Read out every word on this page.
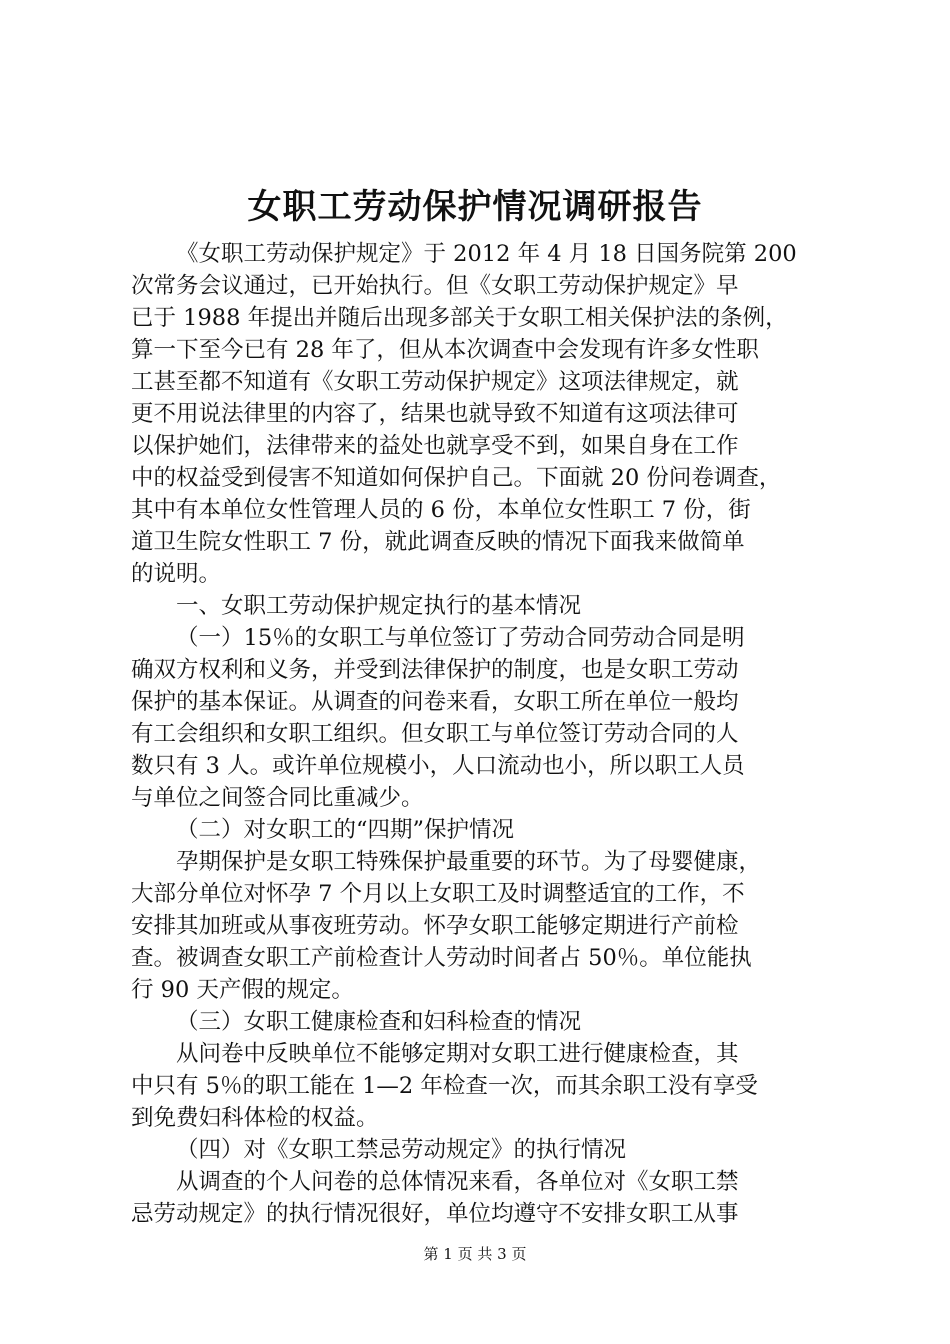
女职工劳动保护情况调研报告
《女职工劳动保护规定》于 2012 年 4 月 18 日国务院第 200
次常务会议通过，已开始执行。但《女职工劳动保护规定》早
已于 1988 年提出并随后出现多部关于女职工相关保护法的条例，
算一下至今已有 28 年了，但从本次调查中会发现有许多女性职
工甚至都不知道有《女职工劳动保护规定》这项法律规定，就
更不用说法律里的内容了，结果也就导致不知道有这项法律可
以保护她们，法律带来的益处也就享受不到，如果自身在工作
中的权益受到侵害不知道如何保护自己。下面就 20 份问卷调查，
其中有本单位女性管理人员的 6 份，本单位女性职工 7 份，街
道卫生院女性职工 7 份，就此调查反映的情况下面我来做简单
的说明。
一、女职工劳动保护规定执行的基本情况
（一）15％的女职工与单位签订了劳动合同劳动合同是明
确双方权利和义务，并受到法律保护的制度，也是女职工劳动
保护的基本保证。从调查的问卷来看，女职工所在单位一般均
有工会组织和女职工组织。但女职工与单位签订劳动合同的人
数只有 3 人。或许单位规模小，人口流动也小，所以职工人员
与单位之间签合同比重减少。
（二）对女职工的“四期”保护情况
孕期保护是女职工特殊保护最重要的环节。为了母婴健康，
大部分单位对怀孕 7 个月以上女职工及时调整适宜的工作，不
安排其加班或从事夜班劳动。怀孕女职工能够定期进行产前检
查。被调查女职工产前检查计人劳动时间者占 50％。单位能执
行 90 天产假的规定。
（三）女职工健康检查和妇科检查的情况
从问卷中反映单位不能够定期对女职工进行健康检查，其
中只有 5％的职工能在 1—2 年检查一次，而其余职工没有享受
到免费妇科体检的权益。
（四）对《女职工禁忌劳动规定》的执行情况
从调查的个人问卷的总体情况来看，各单位对《女职工禁
忌劳动规定》的执行情况很好，单位均遵守不安排女职工从事
第 1 页 共 3 页
